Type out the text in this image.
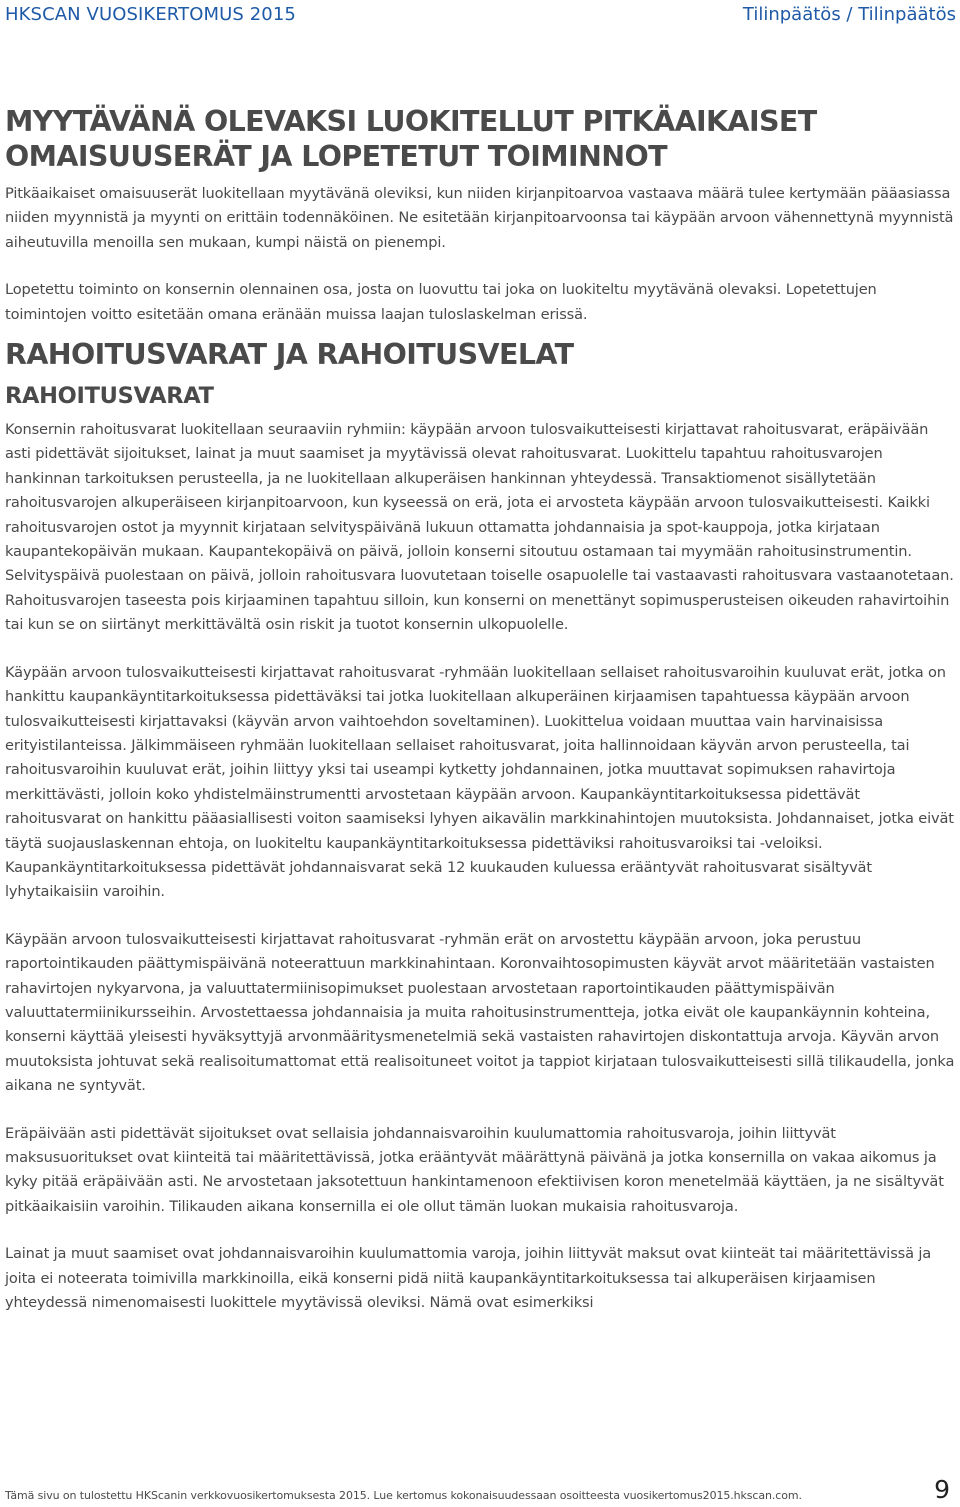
HKSCAN VUOSIKERTOMUS 2015	Tilinpäätös / Tilinpäätös
MYYTÄVÄNÄ OLEVAKSI LUOKITELLUT PITKÄAIKAISET
OMAISUUSERÄT JA LOPETETUT TOIMINNOT

Pitkäaikaiset omaisuuserät luokitellaan myytävänä oleviksi, kun niiden kirjanpitoarvoa vastaava määrä tulee kertymään pääasiassa niiden myynnistä ja myynti on erittäin todennäköinen. Ne esitetään kirjanpitoarvoonsa tai käypään arvoon vähennettynä myynnistä aiheutuvilla menoilla sen mukaan, kumpi näistä on pienempi.

Lopetettu toiminto on konsernin olennainen osa, josta on luovuttu tai joka on luokiteltu myytävänä olevaksi. Lopetettujen toimintojen voitto esitetään omana eränään muissa laajan tuloslaskelman erissä.

RAHOITUSVARAT JA RAHOITUSVELAT
RAHOITUSVARAT

Konsernin rahoitusvarat luokitellaan seuraaviin ryhmiin: käypään arvoon tulosvaikutteisesti kirjattavat rahoitusvarat, eräpäivään asti pidettävät sijoitukset, lainat ja muut saamiset ja myytävissä olevat rahoitusvarat. Luokittelu tapahtuu rahoitusvarojen hankinnan tarkoituksen perusteella, ja ne luokitellaan alkuperäisen hankinnan yhteydessä. Transaktiomenot sisällytetään rahoitusvarojen alkuperäiseen kirjanpitoarvoon, kun kyseessä on erä, jota ei arvosteta käypään arvoon tulosvaikutteisesti. Kaikki rahoitusvarojen ostot ja myynnit kirjataan selvityspäivänä lukuun ottamatta johdannaisia ja spot-kauppoja, jotka kirjataan kaupantekopäivän mukaan. Kaupantekopäivä on päivä, jolloin konserni sitoutuu ostamaan tai myymään rahoitusinstrumentin. Selvityspäivä puolestaan on päivä, jolloin rahoitusvara luovutetaan toiselle osapuolelle tai vastaavasti rahoitusvara vastaanotetaan. Rahoitusvarojen taseesta pois kirjaaminen tapahtuu silloin, kun konserni on menettänyt sopimusperusteisen oikeuden rahavirtoihin tai kun se on siirtänyt merkittävältä osin riskit ja tuotot konsernin ulkopuolelle.

Käypään arvoon tulosvaikutteisesti kirjattavat rahoitusvarat -ryhmään luokitellaan sellaiset rahoitusvaroihin kuuluvat erät, jotka on hankittu kaupankäyntitarkoituksessa pidettäväksi tai jotka luokitellaan alkuperäinen kirjaamisen tapahtuessa käypään arvoon tulosvaikutteisesti kirjattavaksi (käyvän arvon vaihtoehdon soveltaminen). Luokittelua voidaan muuttaa vain harvinaisissa erityistilanteissa. Jälkimmäiseen ryhmään luokitellaan sellaiset rahoitusvarat, joita hallinnoidaan käyvän arvon perusteella, tai rahoitusvaroihin kuuluvat erät, joihin liittyy yksi tai useampi kytketty johdannainen, jotka muuttavat sopimuksen rahavirtoja merkittävästi, jolloin koko yhdistelmäinstrumentti arvostetaan käypään arvoon. Kaupankäyntitarkoituksessa pidettävät rahoitusvarat on hankittu pääasiallisesti voiton saamiseksi lyhyen aikavälin markkinahintojen muutoksista. Johdannaiset, jotka eivät täytä suojauslaskennan ehtoja, on luokiteltu kaupankäyntitarkoituksessa pidettäviksi rahoitusvaroiksi tai -veloiksi. Kaupankäyntitarkoituksessa pidettävät johdannaisvarat sekä 12 kuukauden kuluessa erääntyvät rahoitusvarat sisältyvät lyhytaikaisiin varoihin.

Käypään arvoon tulosvaikutteisesti kirjattavat rahoitusvarat -ryhmän erät on arvostettu käypään arvoon, joka perustuu raportointikauden päättymispäivänä noteerattuun markkinahintaan. Koronvaihtosopimusten käyvät arvot määritetään vastaisten rahavirtojen nykyarvona, ja valuuttatermiinisopimukset puolestaan arvostetaan raportointikauden päättymispäivän valuuttatermiinikursseihin. Arvostettaessa johdannaisia ja muita rahoitusinstrumentteja, jotka eivät ole kaupankäynnin kohteina, konserni käyttää yleisesti hyväksyttyjä arvonmääritysmenetelmiä sekä vastaisten rahavirtojen diskontattuja arvoja. Käyvän arvon muutoksista johtuvat sekä realisoitumattomat että realisoituneet voitot ja tappiot kirjataan tulosvaikutteisesti sillä tilikaudella, jonka aikana ne syntyvät.

Eräpäivään asti pidettävät sijoitukset ovat sellaisia johdannaisvaroihin kuulumattomia rahoitusvaroja, joihin liittyvät maksusuoritukset ovat kiinteitä tai määritettävissä, jotka erääntyvät määrättynä päivänä ja jotka konsernilla on vakaa aikomus ja kyky pitää eräpäivään asti. Ne arvostetaan jaksotettuun hankintamenoon efektiivisen koron menetelmää käyttäen, ja ne sisältyvät pitkäaikaisiin varoihin. Tilikauden aikana konsernilla ei ole ollut tämän luokan mukaisia rahoitusvaroja.

Lainat ja muut saamiset ovat johdannaisvaroihin kuulumattomia varoja, joihin liittyvät maksut ovat kiinteät tai määritettävissä ja joita ei noteerata toimivilla markkinoilla, eikä konserni pidä niitä kaupankäyntitarkoituksessa tai alkuperäisen kirjaamisen yhteydessä nimenomaisesti luokittele myytävissä oleviksi. Nämä ovat esimerkiksi

Tämä sivu on tulostettu HKScanin verkkovuosikertomuksesta 2015. Lue kertomus kokonaisuudessaan osoitteesta vuosikertomus2015.hkscan.com.	9
